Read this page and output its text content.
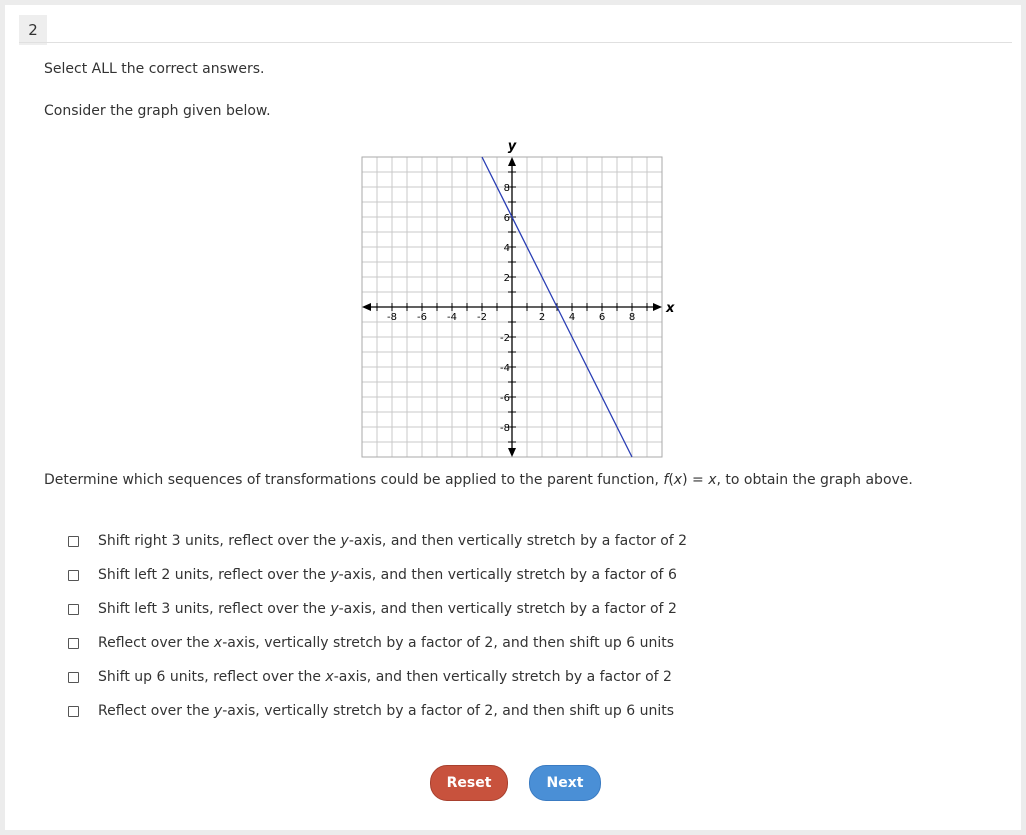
2
Select ALL the correct answers.
Consider the graph given below.
-8 -6 -4 -2	2 4 6 8
8
6
4
2
-2
-4
-6
-8
x
y
Determine which sequences of transformations could be applied to the parent function, f(x) = x, to obtain the graph above.
Shift right 3 units, reflect over the y-axis, and then vertically stretch by a factor of 2
Shift left 2 units, reflect over the y-axis, and then vertically stretch by a factor of 6
Shift left 3 units, reflect over the y-axis, and then vertically stretch by a factor of 2
Reflect over the x-axis, vertically stretch by a factor of 2, and then shift up 6 units
Shift up 6 units, reflect over the x-axis, and then vertically stretch by a factor of 2
Reflect over the y-axis, vertically stretch by a factor of 2, and then shift up 6 units
Reset	Next
